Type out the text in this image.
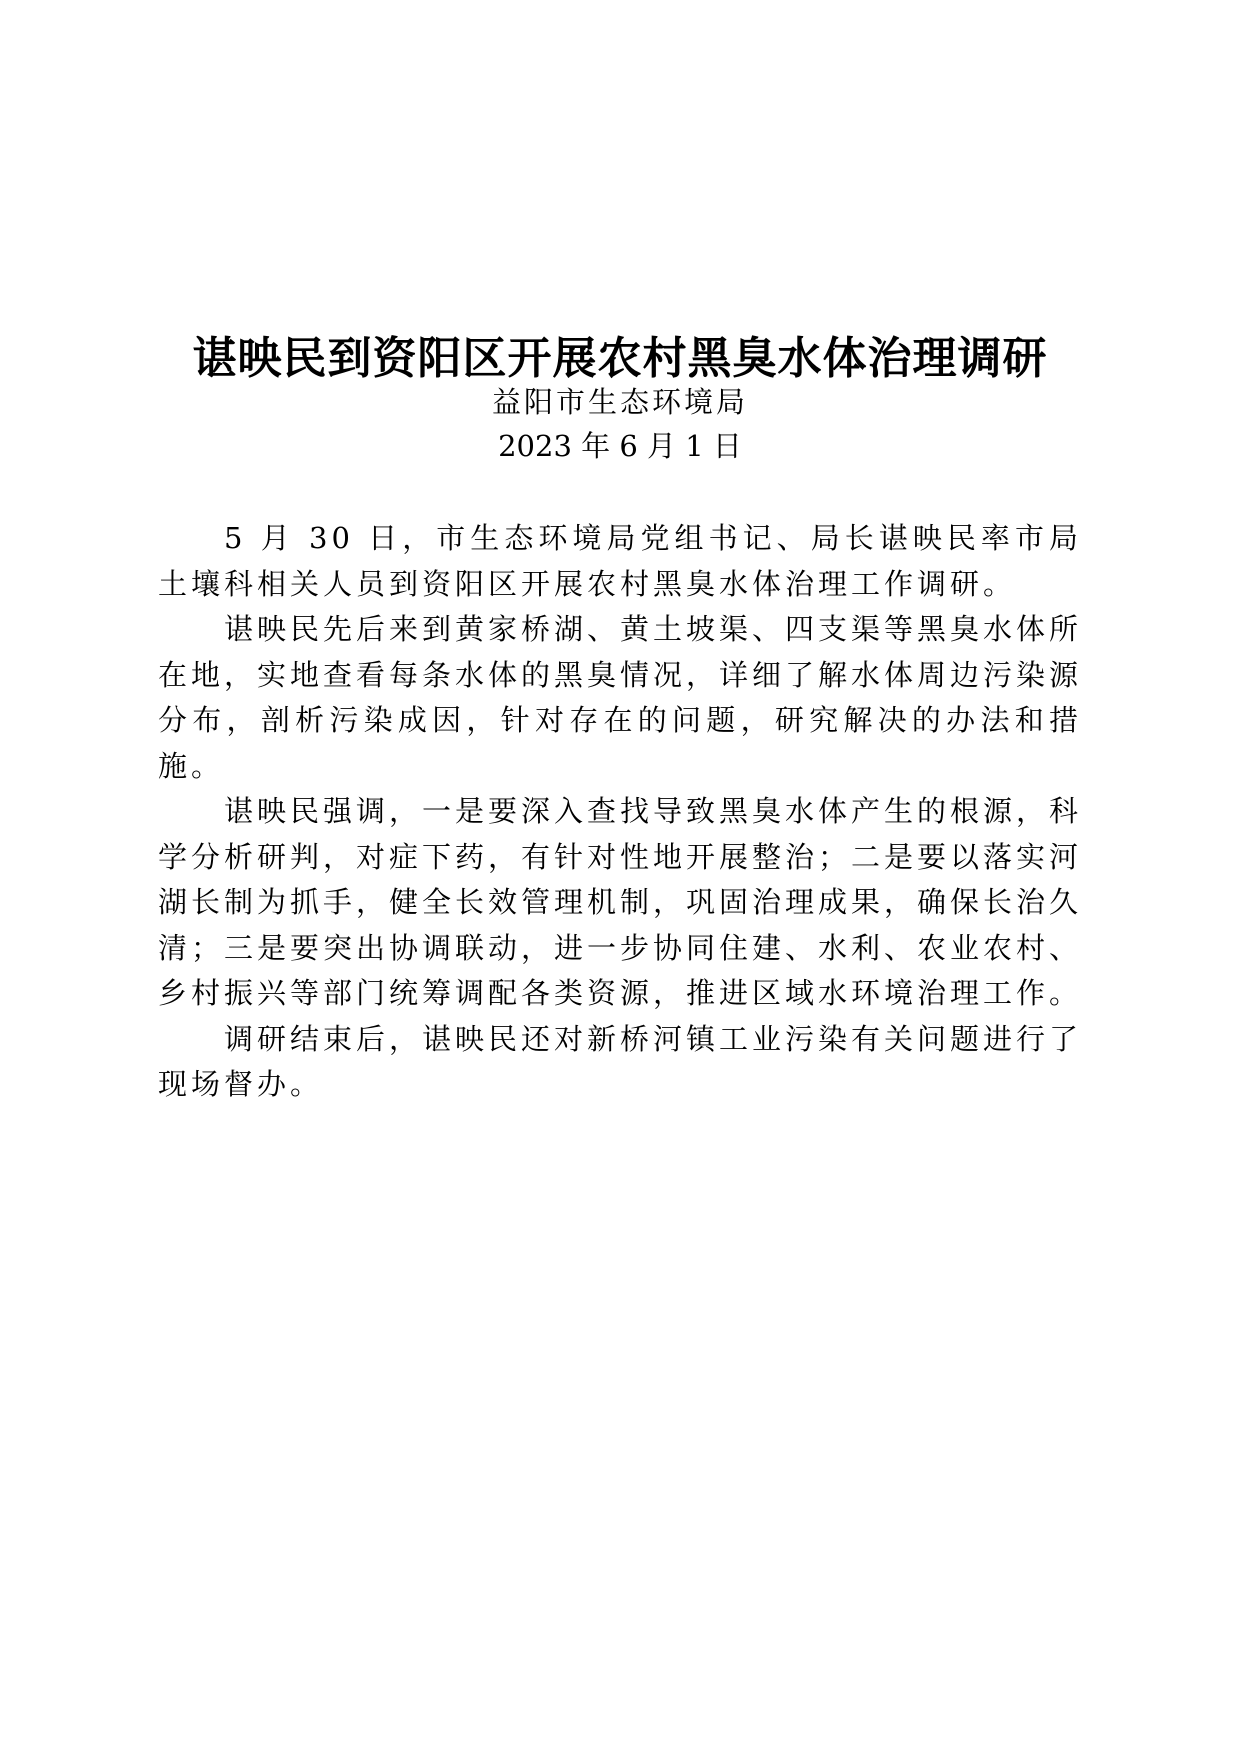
谌映民到资阳区开展农村黑臭水体治理调研
益阳市生态环境局
2023 年 6 月 1 日

5 月 30 日，市生态环境局党组书记、局长谌映民率市局土壤科相关人员到资阳区开展农村黑臭水体治理工作调研。

谌映民先后来到黄家桥湖、黄土坡渠、四支渠等黑臭水体所在地，实地查看每条水体的黑臭情况，详细了解水体周边污染源分布，剖析污染成因，针对存在的问题，研究解决的办法和措施。

谌映民强调，一是要深入查找导致黑臭水体产生的根源，科学分析研判，对症下药，有针对性地开展整治；二是要以落实河湖长制为抓手，健全长效管理机制，巩固治理成果，确保长治久清；三是要突出协调联动，进一步协同住建、水利、农业农村、乡村振兴等部门统筹调配各类资源，推进区域水环境治理工作。

调研结束后，谌映民还对新桥河镇工业污染有关问题进行了现场督办。
